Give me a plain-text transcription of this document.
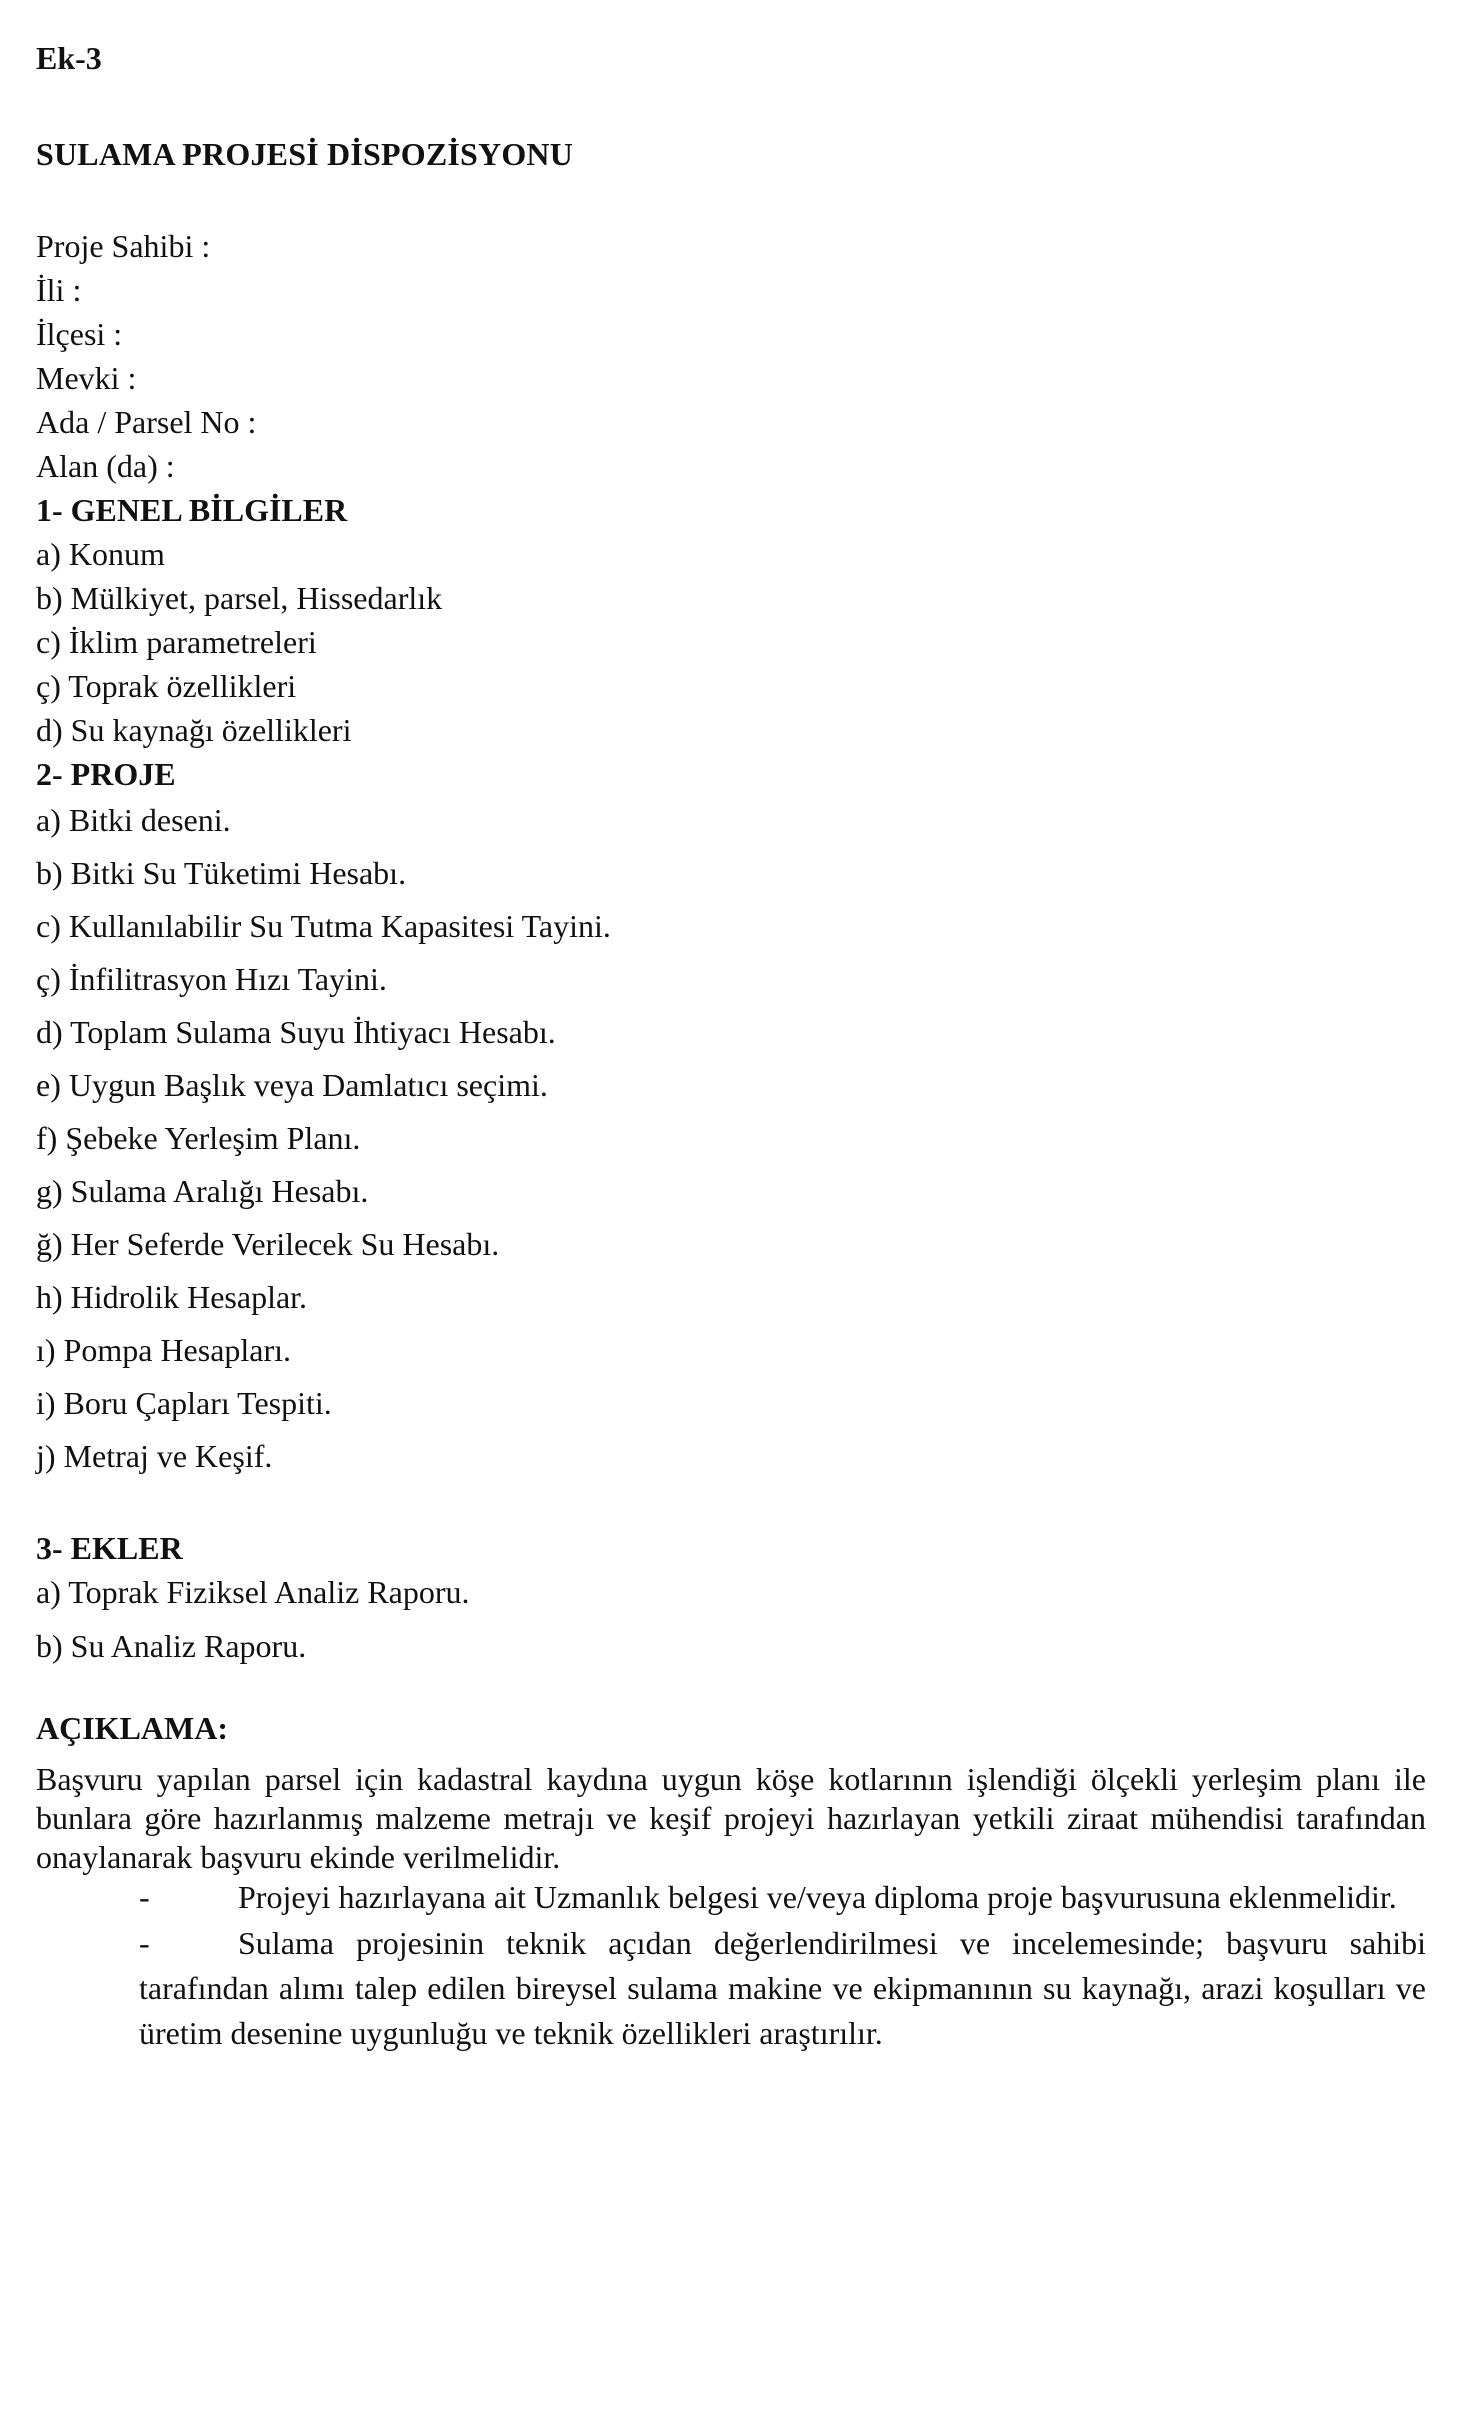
Ek-3
SULAMA PROJESİ DİSPOZİSYONU
Proje Sahibi :
İli :
İlçesi :
Mevki :
Ada / Parsel No :
Alan (da) :
1- GENEL BİLGİLER
a) Konum
b) Mülkiyet, parsel, Hissedarlık
c) İklim parametreleri
ç) Toprak özellikleri
d) Su kaynağı özellikleri
2- PROJE
a) Bitki deseni.
b) Bitki Su Tüketimi Hesabı.
c) Kullanılabilir Su Tutma Kapasitesi Tayini.
ç) İnfilitrasyon Hızı Tayini.
d) Toplam Sulama Suyu İhtiyacı Hesabı.
e) Uygun Başlık veya Damlatıcı seçimi.
f) Şebeke Yerleşim Planı.
g) Sulama Aralığı Hesabı.
ğ) Her Seferde Verilecek Su Hesabı.
h) Hidrolik Hesaplar.
ı) Pompa Hesapları.
i) Boru Çapları Tespiti.
j) Metraj ve Keşif.
3- EKLER
a) Toprak Fiziksel Analiz Raporu.
b) Su Analiz Raporu.
AÇIKLAMA:
Başvuru yapılan parsel için kadastral kaydına uygun köşe kotlarının işlendiği ölçekli yerleşim planı ile bunlara göre hazırlanmış malzeme metrajı ve keşif projeyi hazırlayan yetkili ziraat mühendisi tarafından onaylanarak başvuru ekinde verilmelidir.
-	Projeyi hazırlayana ait Uzmanlık belgesi ve/veya diploma proje başvurusuna eklenmelidir.
-	Sulama projesinin teknik açıdan değerlendirilmesi ve incelemesinde; başvuru sahibi tarafından alımı talep edilen bireysel sulama makine ve ekipmanının su kaynağı, arazi koşulları ve üretim desenine uygunluğu ve teknik özellikleri araştırılır.
